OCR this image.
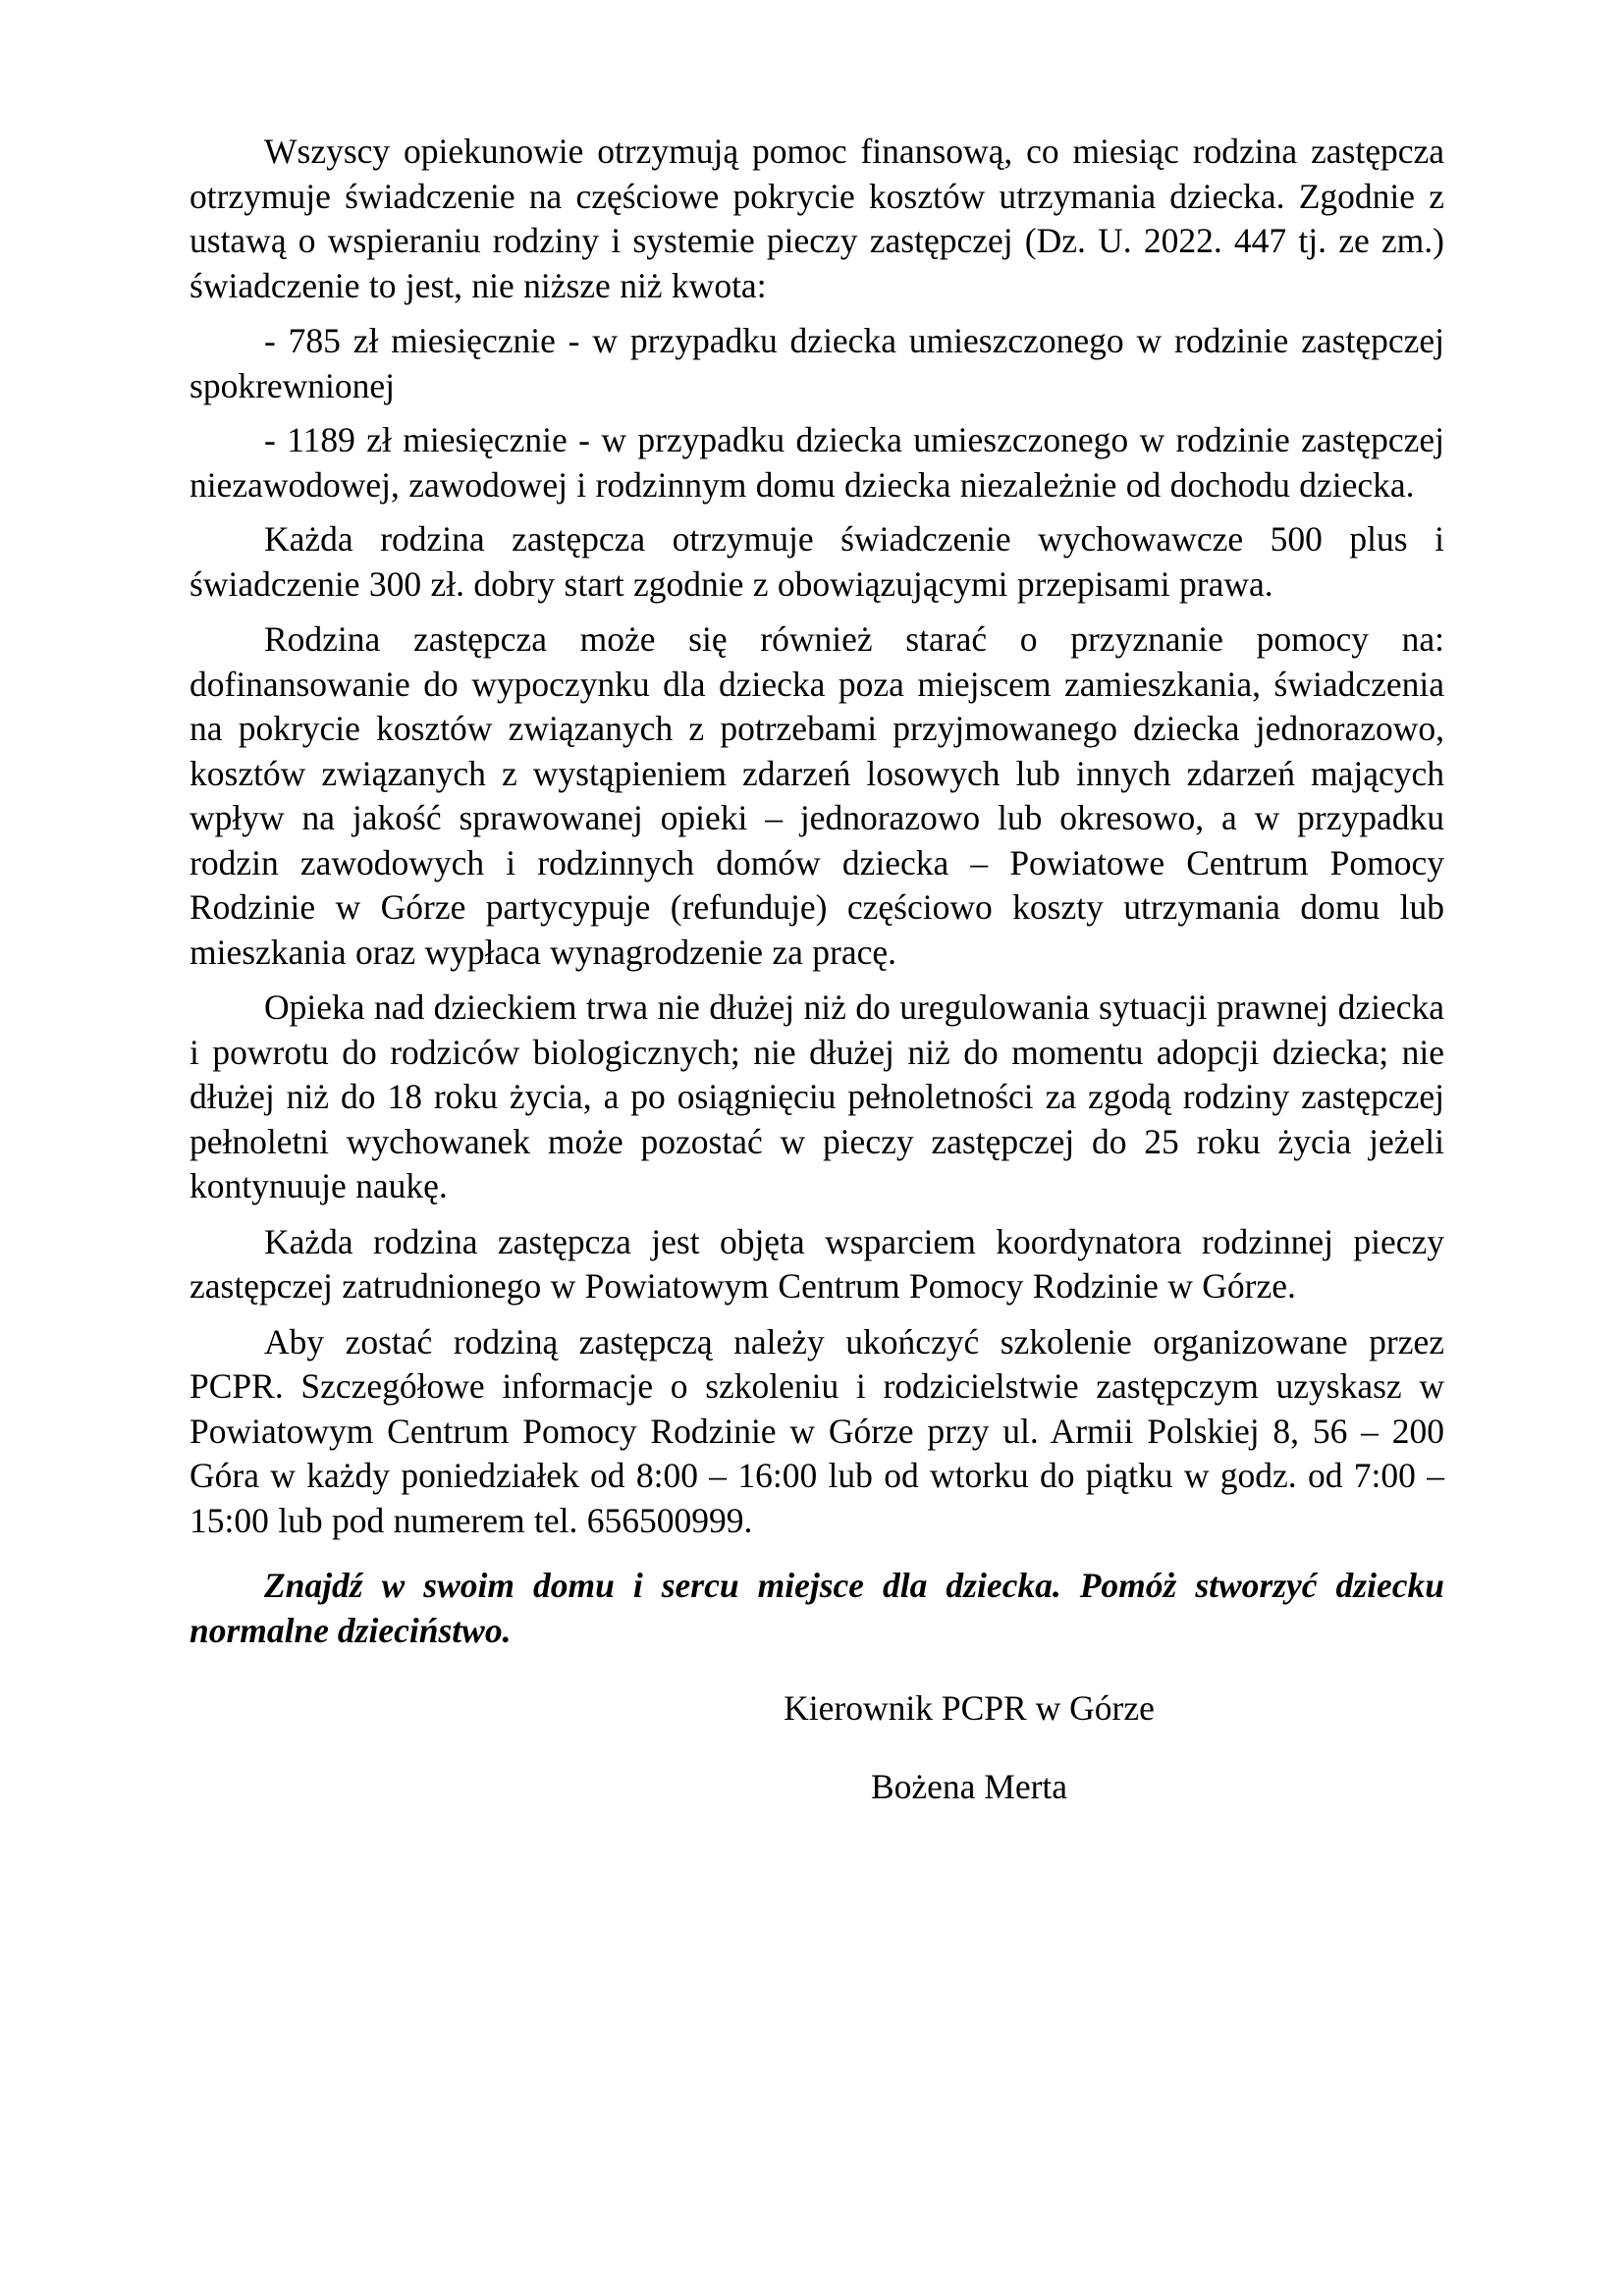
Wszyscy opiekunowie otrzymują pomoc finansową, co miesiąc rodzina zastępcza otrzymuje świadczenie na częściowe pokrycie kosztów utrzymania dziecka. Zgodnie z ustawą o wspieraniu rodziny i systemie pieczy zastępczej (Dz. U. 2022. 447 tj. ze zm.) świadczenie to jest, nie niższe niż kwota:

- 785 zł miesięcznie - w przypadku dziecka umieszczonego w rodzinie zastępczej spokrewnionej

- 1189 zł miesięcznie - w przypadku dziecka umieszczonego w rodzinie zastępczej niezawodowej, zawodowej i rodzinnym domu dziecka niezależnie od dochodu dziecka.

Każda rodzina zastępcza otrzymuje świadczenie wychowawcze 500 plus i świadczenie 300 zł. dobry start zgodnie z obowiązującymi przepisami prawa.

Rodzina zastępcza może się również starać o przyznanie pomocy na: dofinansowanie do wypoczynku dla dziecka poza miejscem zamieszkania, świadczenia na pokrycie kosztów związanych z potrzebami przyjmowanego dziecka jednorazowo, kosztów związanych z wystąpieniem zdarzeń losowych lub innych zdarzeń mających wpływ na jakość sprawowanej opieki – jednorazowo lub okresowo, a w przypadku rodzin zawodowych i rodzinnych domów dziecka – Powiatowe Centrum Pomocy Rodzinie w Górze partycypuje (refunduje) częściowo koszty utrzymania domu lub mieszkania oraz wypłaca wynagrodzenie za pracę.

Opieka nad dzieckiem trwa nie dłużej niż do uregulowania sytuacji prawnej dziecka i powrotu do rodziców biologicznych; nie dłużej niż do momentu adopcji dziecka; nie dłużej niż do 18 roku życia, a po osiągnięciu pełnoletności za zgodą rodziny zastępczej pełnoletni wychowanek może pozostać w pieczy zastępczej do 25 roku życia jeżeli kontynuuje naukę.

Każda rodzina zastępcza jest objęta wsparciem koordynatora rodzinnej pieczy zastępczej zatrudnionego w Powiatowym Centrum Pomocy Rodzinie w Górze.

Aby zostać rodziną zastępczą należy ukończyć szkolenie organizowane przez PCPR. Szczegółowe informacje o szkoleniu i rodzicielstwie zastępczym uzyskasz w Powiatowym Centrum Pomocy Rodzinie w Górze przy ul. Armii Polskiej 8, 56 – 200 Góra w każdy poniedziałek od 8:00 – 16:00 lub od wtorku do piątku w godz. od 7:00 – 15:00 lub pod numerem tel. 656500999.

Znajdź w swoim domu i sercu miejsce dla dziecka. Pomóż stworzyć dziecku normalne dzieciństwo.

Kierownik PCPR w Górze

Bożena Merta
